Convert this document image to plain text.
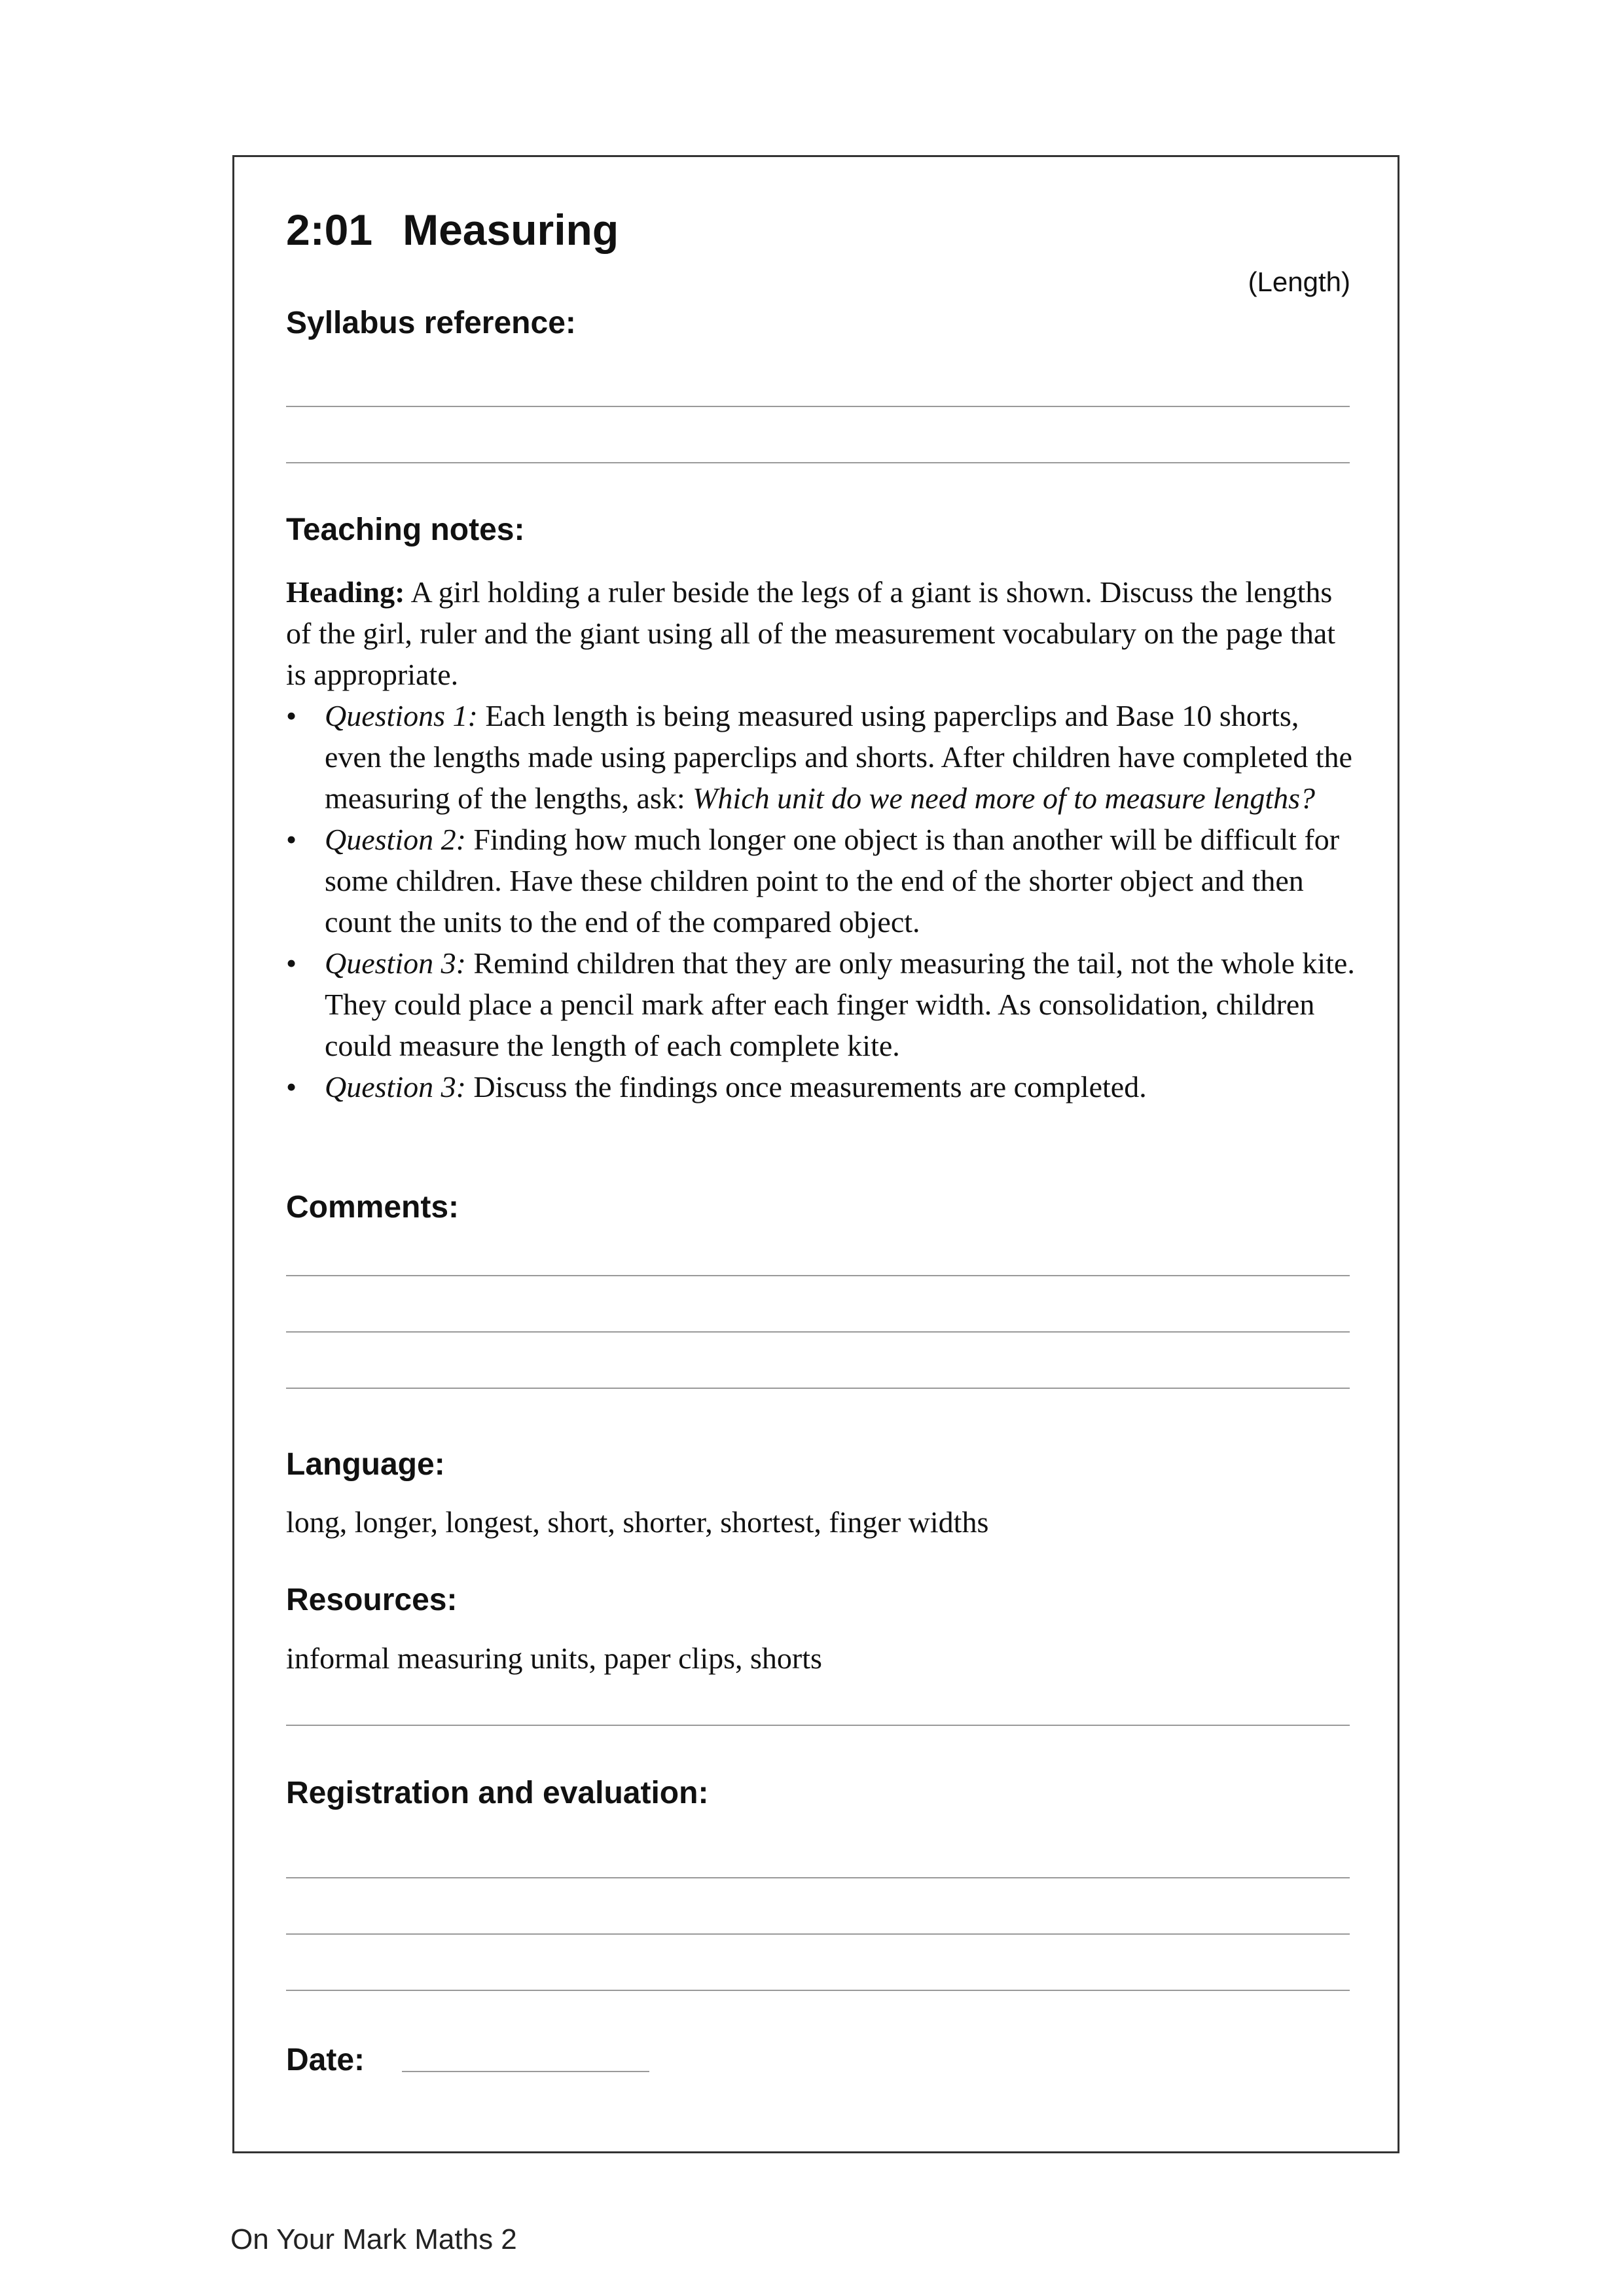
2:01 Measuring
(Length)
Syllabus reference:
Teaching notes:

Heading: A girl holding a ruler beside the legs of a giant is shown. Discuss the lengths of the girl, ruler and the giant using all of the measurement vocabulary on the page that is appropriate.

• Questions 1: Each length is being measured using paperclips and Base 10 shorts, even the lengths made using paperclips and shorts. After children have completed the measuring of the lengths, ask: Which unit do we need more of to measure lengths?
• Question 2: Finding how much longer one object is than another will be difficult for some children. Have these children point to the end of the shorter object and then count the units to the end of the compared object.
• Question 3: Remind children that they are only measuring the tail, not the whole kite. They could place a pencil mark after each finger width. As consolidation, children could measure the length of each complete kite.
• Question 3: Discuss the findings once measurements are completed.
Comments:
Language:
long, longer, longest, short, shorter, shortest, finger widths
Resources:
informal measuring units, paper clips, shorts
Registration and evaluation:
Date:
On Your Mark Maths 2
